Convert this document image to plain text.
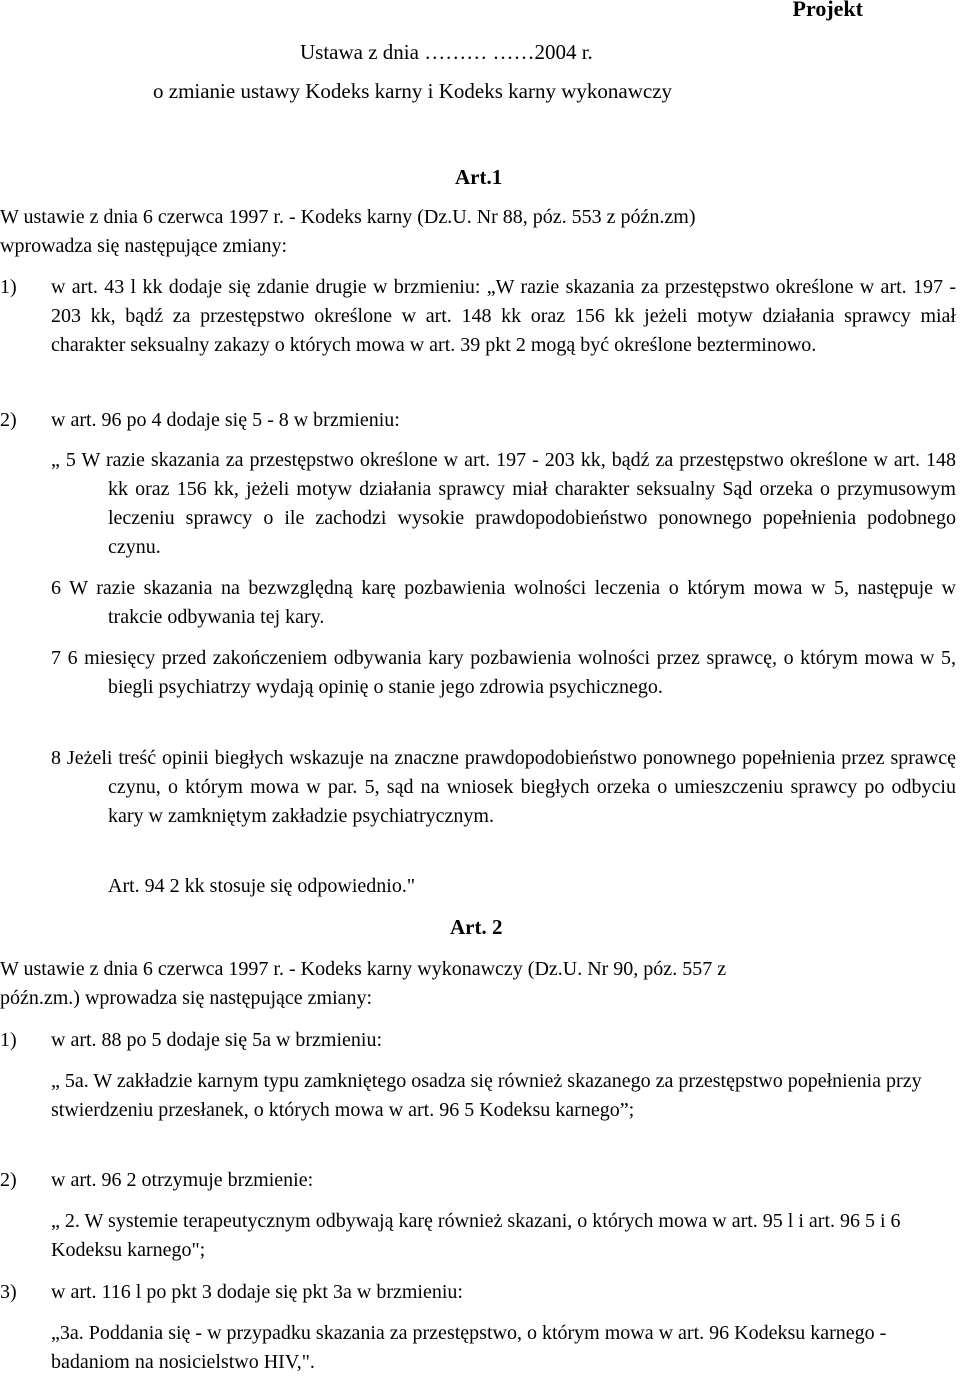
Projekt
Ustawa z dnia ……… ……2004 r.
o zmianie ustawy Kodeks karny i Kodeks karny wykonawczy
Art.1
W ustawie z dnia 6 czerwca 1997 r. - Kodeks karny (Dz.U. Nr 88, póz. 553 z późn.zm)
wprowadza się następujące zmiany:
1) w art. 43 l kk dodaje się zdanie drugie w brzmieniu: „W razie skazania za przestępstwo określone w art. 197 - 203 kk, bądź za przestępstwo określone w art. 148 kk oraz 156 kk jeżeli motyw działania sprawcy miał charakter seksualny zakazy o których mowa w art. 39 pkt 2 mogą być określone bezterminowo.
2) w art. 96 po 4 dodaje się 5 - 8 w brzmieniu:
„ 5 W razie skazania za przestępstwo określone w art. 197 - 203 kk, bądź za przestępstwo określone w art. 148 kk oraz 156 kk, jeżeli motyw działania sprawcy miał charakter seksualny Sąd orzeka o przymusowym leczeniu sprawcy o ile zachodzi wysokie prawdopodobieństwo ponownego popełnienia podobnego czynu.
6 W razie skazania na bezwzględną karę pozbawienia wolności leczenia o którym mowa w 5, następuje w trakcie odbywania tej kary.
7 6 miesięcy przed zakończeniem odbywania kary pozbawienia wolności przez sprawcę, o którym mowa w 5, biegli psychiatrzy wydają opinię o stanie jego zdrowia psychicznego.
8 Jeżeli treść opinii biegłych wskazuje na znaczne prawdopodobieństwo ponownego popełnienia przez sprawcę czynu, o którym mowa w par. 5, sąd na wniosek biegłych orzeka o umieszczeniu sprawcy po odbyciu kary w zamkniętym zakładzie psychiatrycznym.
Art. 94 2 kk stosuje się odpowiednio."
Art. 2
W ustawie z dnia 6 czerwca 1997 r. - Kodeks karny wykonawczy (Dz.U. Nr 90, póz. 557 z
późn.zm.) wprowadza się następujące zmiany:
1) w art. 88 po 5 dodaje się 5a w brzmieniu:
„ 5a. W zakładzie karnym typu zamkniętego osadza się również skazanego za przestępstwo popełnienia przy stwierdzeniu przesłanek, o których mowa w art. 96 5 Kodeksu karnego”;
2) w art. 96 2 otrzymuje brzmienie:
„ 2. W systemie terapeutycznym odbywają karę również skazani, o których mowa w art. 95 l i art. 96 5 i 6 Kodeksu karnego";
3) w art. 116 l po pkt 3 dodaje się pkt 3a w brzmieniu:
„3a. Poddania się - w przypadku skazania za przestępstwo, o którym mowa w art. 96 Kodeksu karnego - badaniom na nosicielstwo HIV,".
